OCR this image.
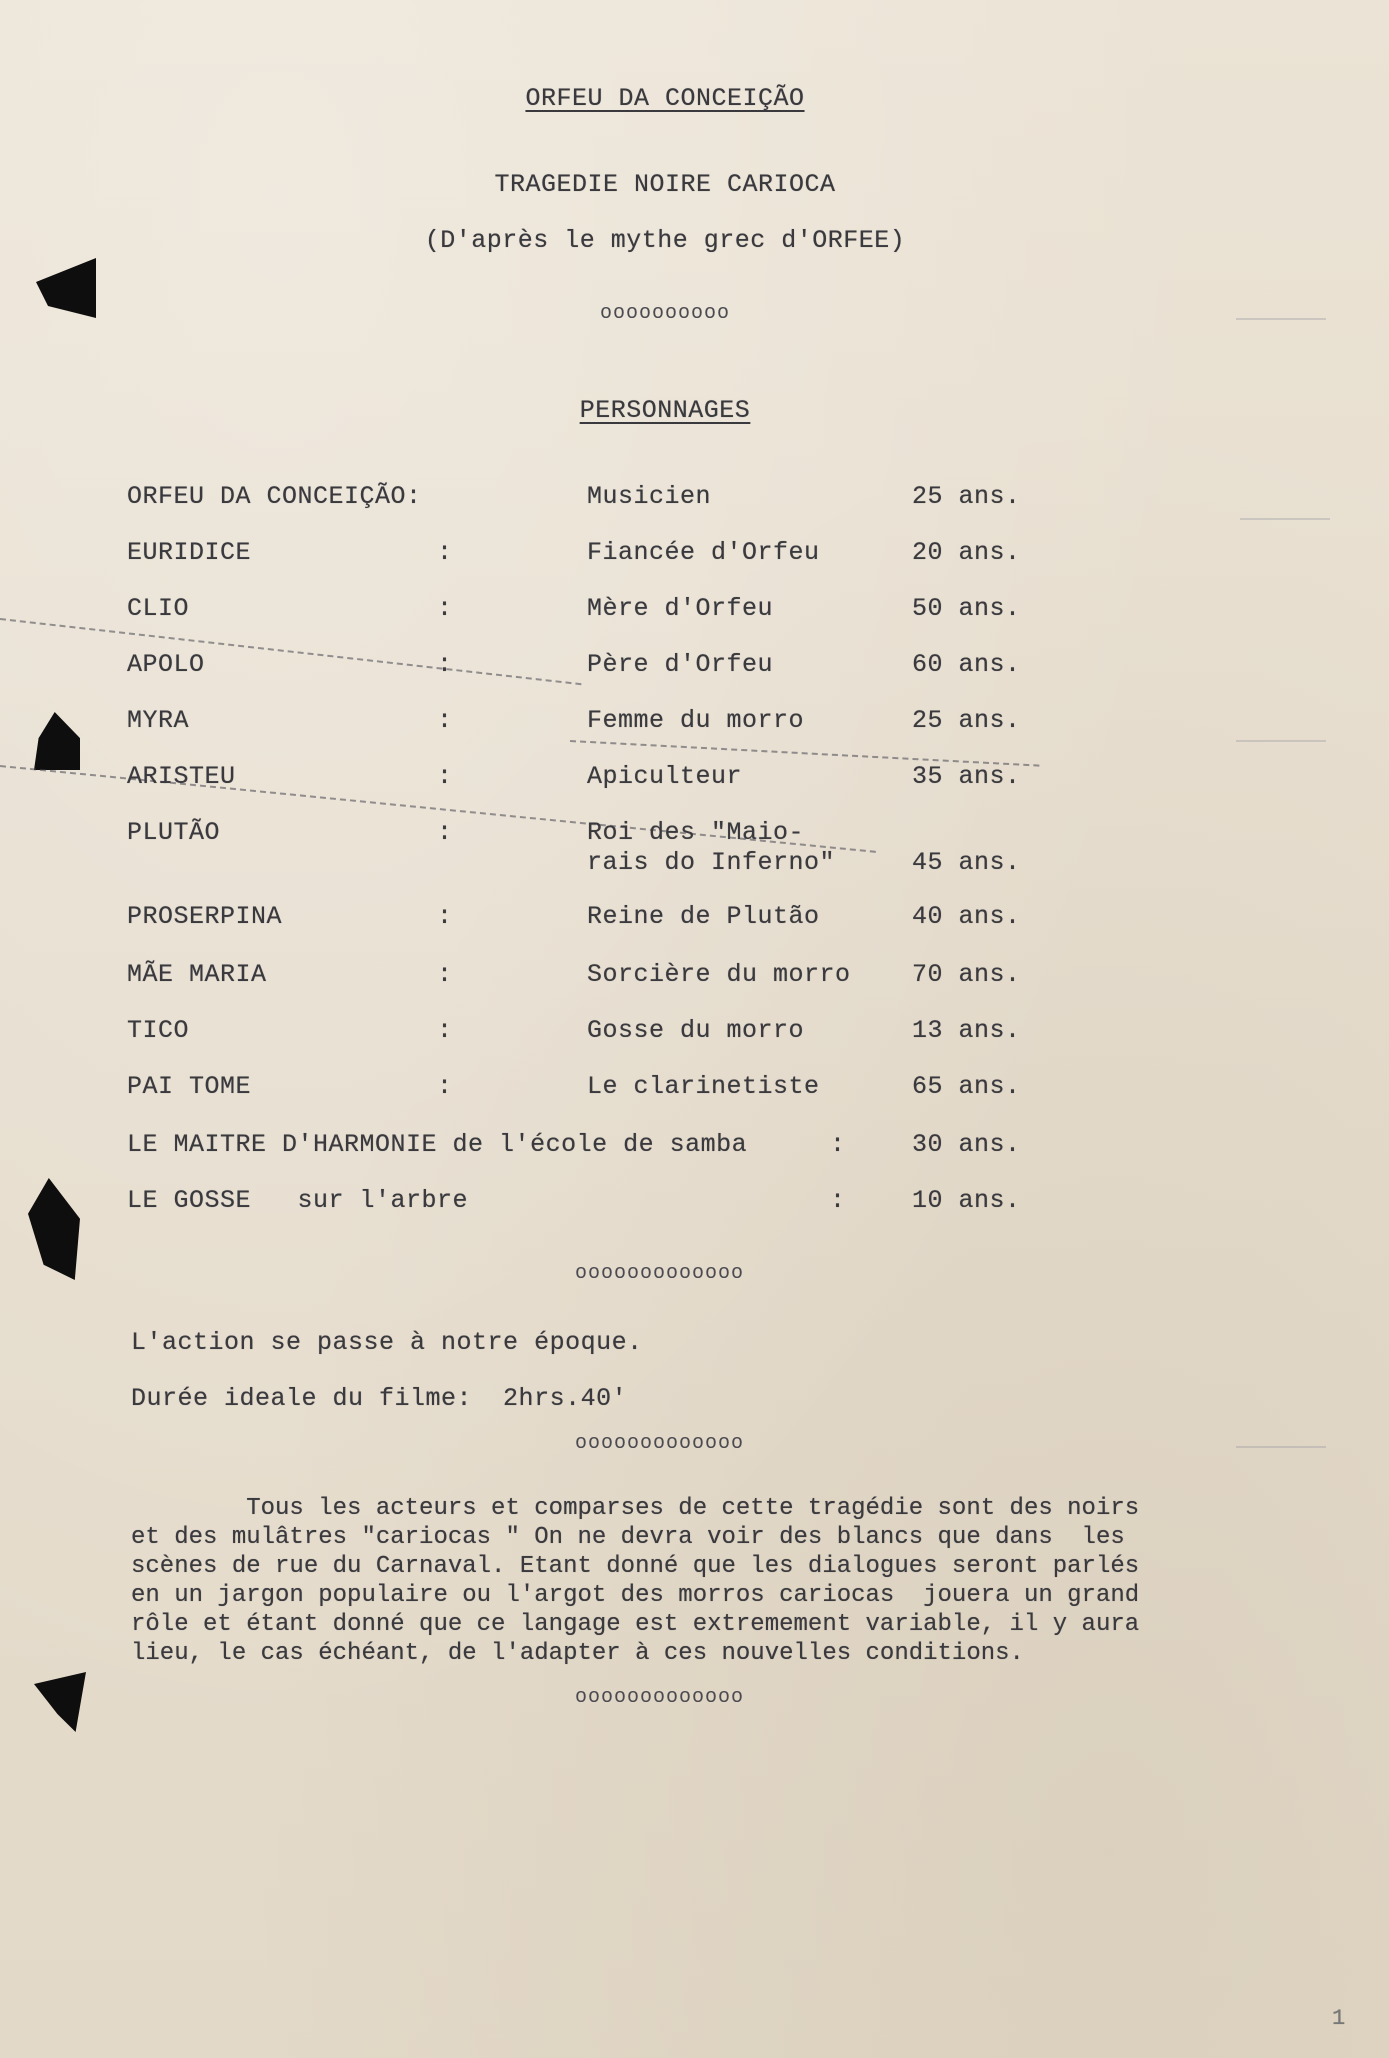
ORFEU DA CONCEIÇÃO
TRAGEDIE NOIRE CARIOCA
(D'après le mythe grec d'ORFEE)
oooooooooo
PERSONNAGES
ORFEU DA CONCEIÇÃO:	Musicien	25 ans.
EURIDICE	:	Fiancée d'Orfeu	20 ans.
CLIO	:	Mère d'Orfeu	50 ans.
APOLO	:	Père d'Orfeu	60 ans.
MYRA	:	Femme du morro	25 ans.
ARISTEU	:	Apiculteur	35 ans.
PLUTÃO	:	Roi des "Maio-
rais do Inferno"	45 ans.
PROSERPINA	:	Reine de Plutão	40 ans.
MÃE MARIA	:	Sorcière du morro 70 ans.
TICO	:	Gosse du morro	13 ans.
PAI TOME	:	Le clarinetiste	65 ans.
LE MAITRE D'HARMONIE de l'école de samba	:	30 ans.
LE GOSSE   sur l'arbre	:	10 ans.
ooooooooooooo
L'action se passe à notre époque.
Durée ideale du filme:  2hrs.40'
ooooooooooooo

Tous les acteurs et comparses de cette tragédie sont des noirs

et des mulâtres "cariocas " On ne devra voir des blancs que dans  les

scènes de rue du Carnaval. Etant donné que les dialogues seront parlés

en un jargon populaire ou l'argot des morros cariocas  jouera un grand

rôle et étant donné que ce langage est extremement variable, il y aura

lieu, le cas échéant, de l'adapter à ces nouvelles conditions.

ooooooooooooo
1
